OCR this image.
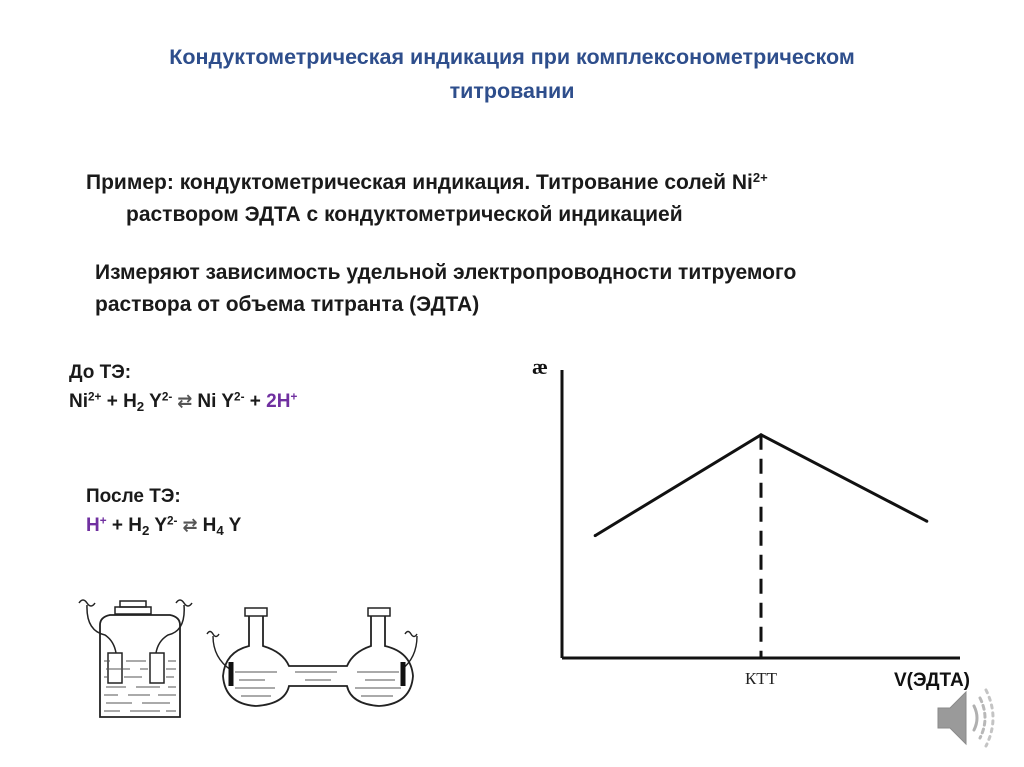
Кондуктометрическая индикация при комплексонометрическом
титровании
Пример: кондуктометрическая индикация. Титрование солей $Ni^{2+}$
раствором ЭДТА с кондуктометрической индикацией
Измеряют зависимость удельной электропроводности титруемого
раствора от объема титранта (ЭДТА)
До ТЭ:
$Ni^{2+} + H_2$ $Y^{2-}$ ⇄ Ni $Y^{2-} + 2H^+$
После ТЭ:
$H^+ + H_2$ $Y^{2-}$ ⇄ $H_4$ Y
æ
V(ЭДТА)
КТТ
